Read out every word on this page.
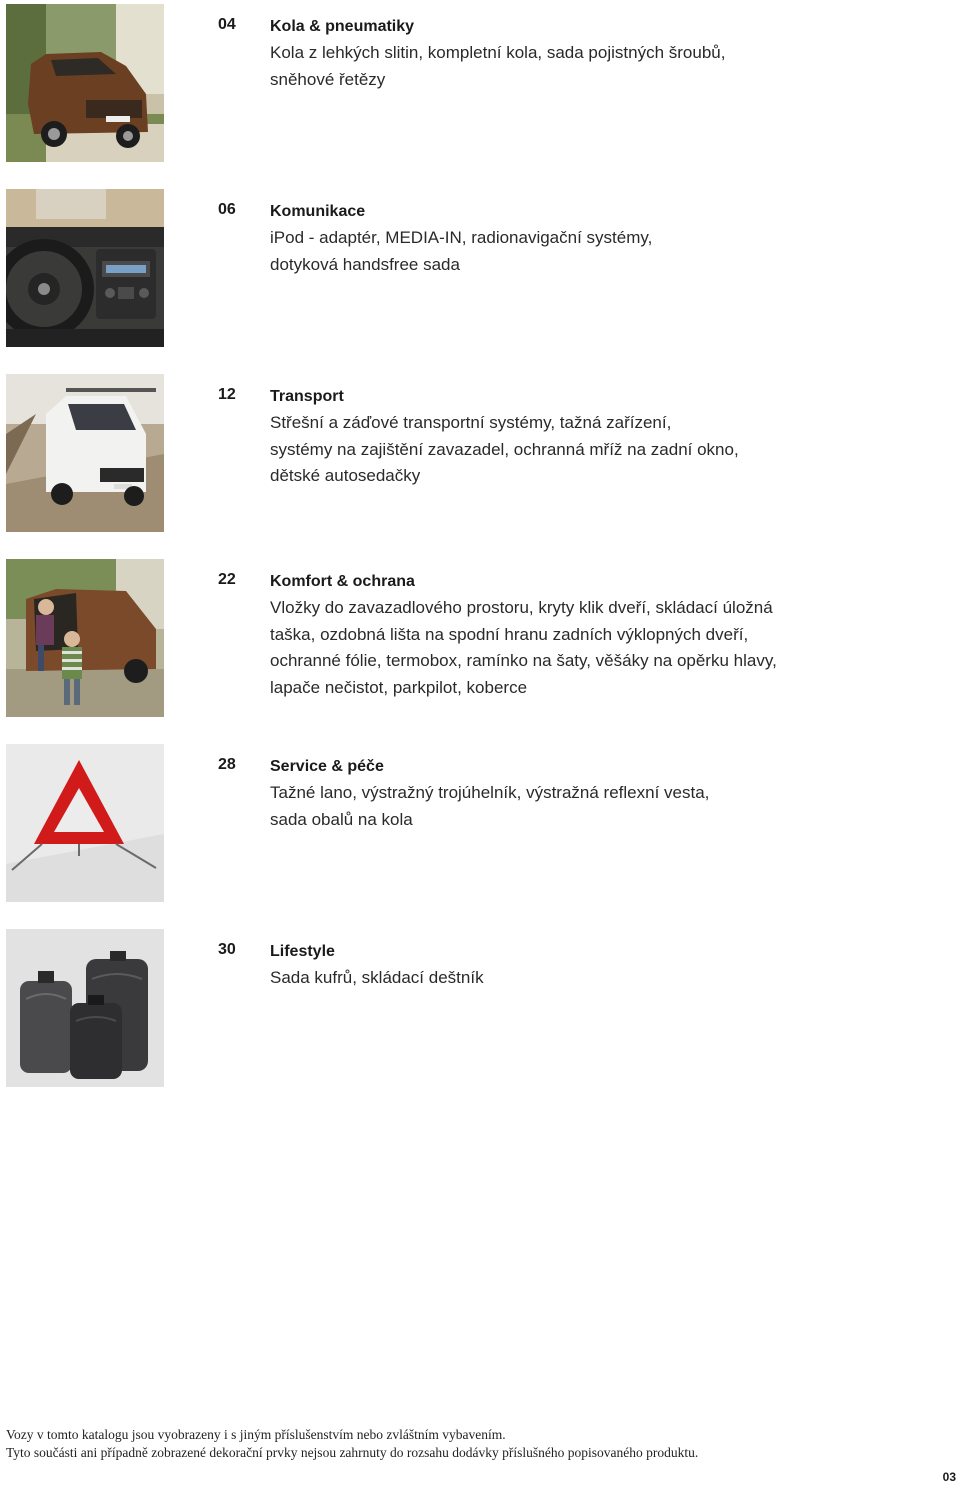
04 Kola & pneumatiky
Kola z lehkých slitin, kompletní kola, sada pojistných šroubů,
sněhové řetězy
06 Komunikace
iPod - adaptér, MEDIA-IN, radionavigační systémy,
dotyková handsfree sada
12 Transport
Střešní a záďové transportní systémy, tažná zařízení,
systémy na zajištění zavazadel, ochranná mříž na zadní okno,
dětské autosedačky
22 Komfort & ochrana
Vložky do zavazadlového prostoru, kryty klik dveří, skládací úložná
taška, ozdobná lišta na spodní hranu zadních výklopných dveří,
ochranné fólie, termobox, ramínko na šaty, věšáky na opěrku hlavy,
lapače nečistot, parkpilot, koberce
28 Service & péče
Tažné lano, výstražný trojúhelník, výstražná reflexní vesta,
sada obalů na kola
30 Lifestyle
Sada kufrů, skládací deštník
Vozy v tomto katalogu jsou vyobrazeny i s jiným příslušenstvím nebo zvláštním vybavením.
Tyto součásti ani případně zobrazené dekorační prvky nejsou zahrnuty do rozsahu dodávky příslušného popisovaného produktu.
03
